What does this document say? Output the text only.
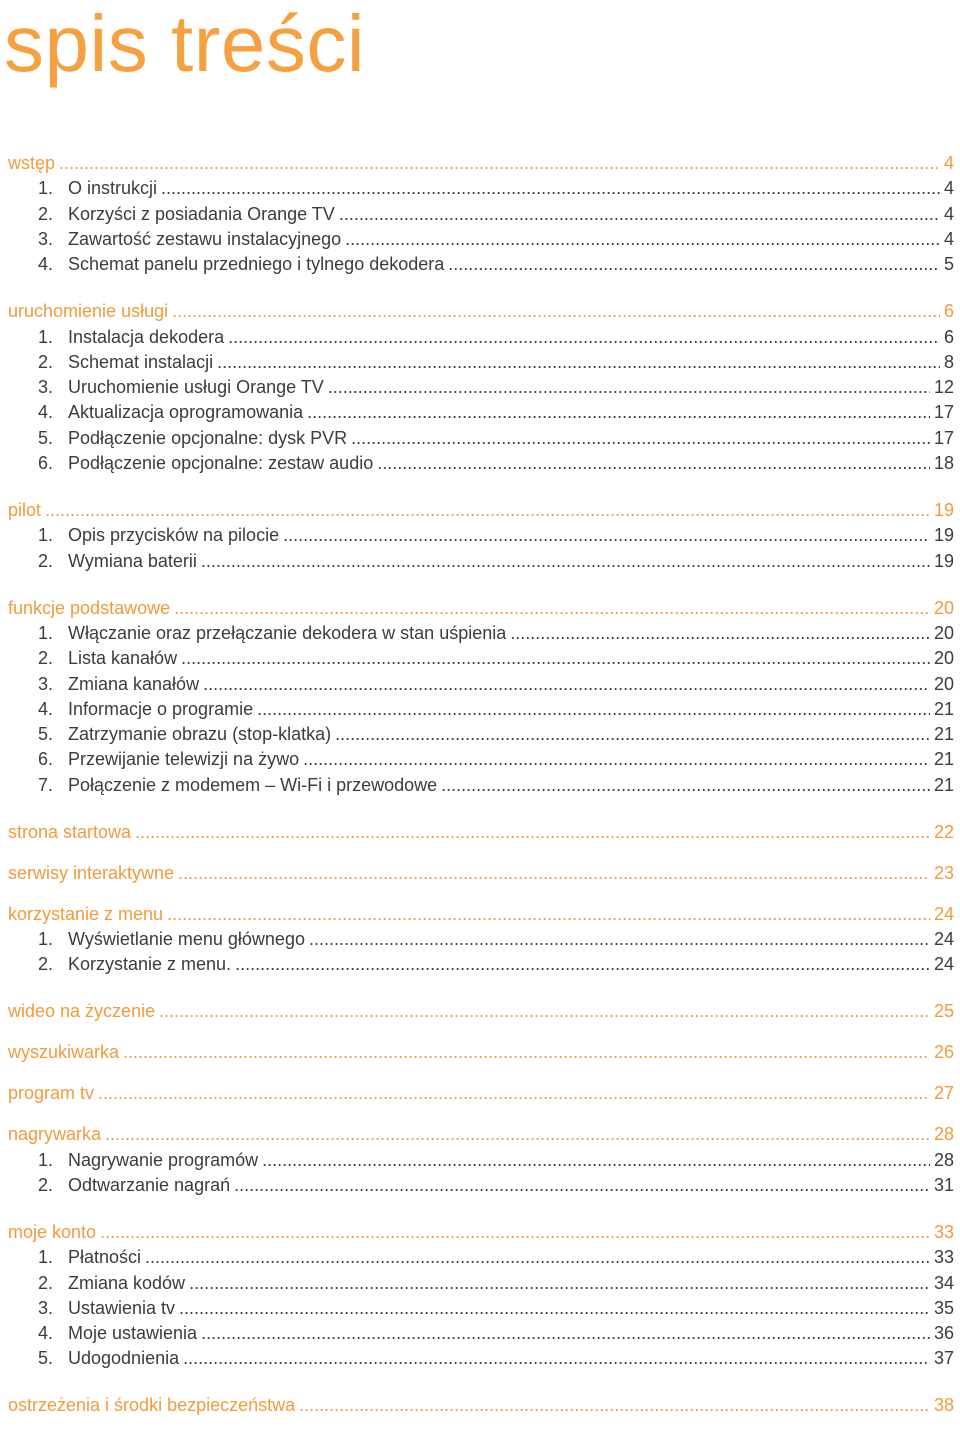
spis treści
wstęp .....	4
1. O instrukcji .....	4
2. Korzyści z posiadania Orange TV .....	4
3. Zawartość zestawu instalacyjnego .....	4
4. Schemat panelu przedniego i tylnego dekodera .....	5
uruchomienie usługi .....	6
1. Instalacja dekodera .....	6
2. Schemat instalacji .....	8
3. Uruchomienie usługi Orange TV .....	12
4. Aktualizacja oprogramowania .....	17
5. Podłączenie opcjonalne: dysk PVR .....	17
6. Podłączenie opcjonalne: zestaw audio .....	18
pilot .....	19
1. Opis przycisków na pilocie .....	19
2. Wymiana baterii .....	19
funkcje podstawowe .....	20
1. Włączanie oraz przełączanie dekodera w stan uśpienia .....	20
2. Lista kanałów .....	20
3. Zmiana kanałów .....	20
4. Informacje o programie .....	21
5. Zatrzymanie obrazu (stop-klatka) .....	21
6. Przewijanie telewizji na żywo .....	21
7. Połączenie z modemem – Wi-Fi i przewodowe .....	21
strona startowa .....	22
serwisy interaktywne .....	23
korzystanie z menu .....	24
1. Wyświetlanie menu głównego .....	24
2. Korzystanie z menu. .....	24
wideo na życzenie .....	25
wyszukiwarka .....	26
program tv .....	27
nagrywarka .....	28
1. Nagrywanie programów .....	28
2. Odtwarzanie nagrań .....	31
moje konto .....	33
1. Płatności .....	33
2. Zmiana kodów .....	34
3. Ustawienia tv .....	35
4. Moje ustawienia .....	36
5. Udogodnienia .....	37
ostrzeżenia i środki bezpieczeństwa .....	38
